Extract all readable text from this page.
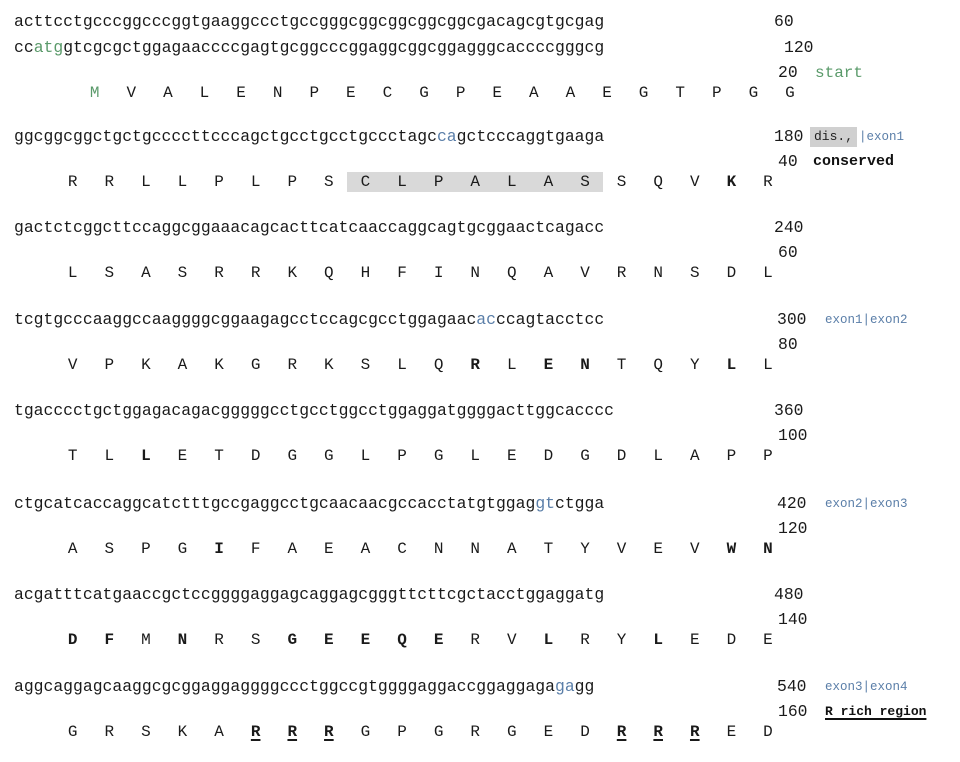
acttcctgcccggcccggtgaaggccctgccgggcggcggcggcggcgacagcgtgcgag	60
ccatggtcgcgctggagaaccccgagtgcggcccggaggcggcggagggcaccccgggcg	120

M V A L E N P E C G P E A A E G T P G G

20 start
ggcggcggctgctgccccttcccagctgcctgcctgccctagccagctcccaggtgaaga	180 dis., |exon1

R R L L P L P S C L P A L A S S Q V K R

40 conserved
gactctcggcttccaggcggaaacagcacttcatcaaccaggcagtgcggaactcagacc	240

L S A S R R K Q H F I N Q A V R N S D L

60
tcgtgcccaaggccaaggggcggaagagcctccagcgcctggagaacacccagtacctcc	300 exon1|exon2

V P K A K G R K S L Q R L E N T Q Y L L

80
tgacccctgctggagacagacgggggcctgcctggcctggaggatggggacttggcacccc	360

T L L E T D G G L P G L E D G D L A P P

100
ctgcatcaccaggcatctttgccgaggcctgcaacaacgccacctatgtggaggtctgga	420 exon2|exon3

A S P G I F A E A C N N A T Y V E V W N

120
acgatttcatgaaccgctccggggaggagcaggagcgggttcttcgctacctggaggatg	480

D F M N R S G E E Q E R V L R Y L E D E

140
aggcaggagcaaggcgcggaggaggggccctggccgtggggaggaccggaggagagagg	540 exon3|exon4

G R S K A R R R G P G R G E D R R R E D

160 R rich region
